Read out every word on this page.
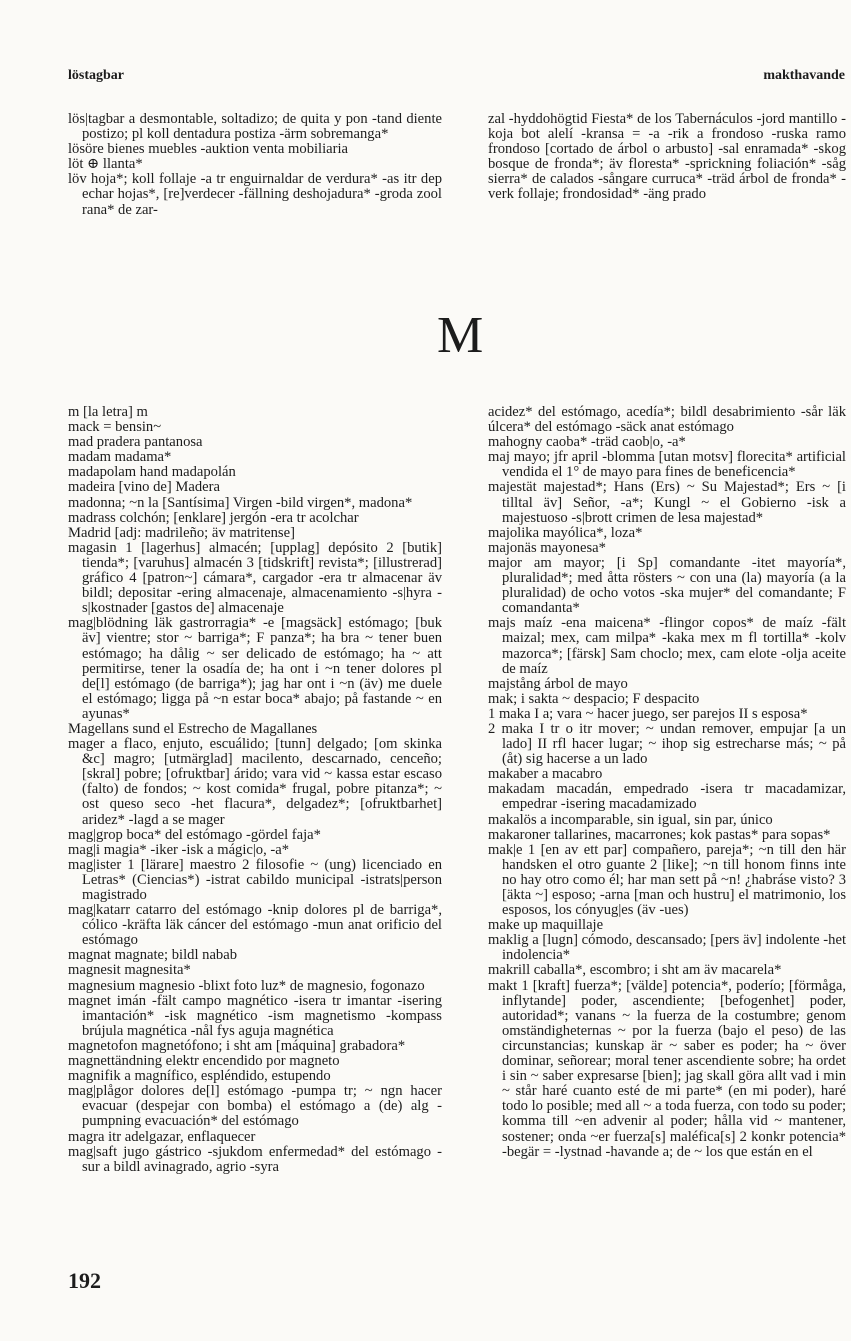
löstagbar	makthavande

lös|tagbar a desmontable, soltadizo; de quita y pon -tand diente postizo; pl koll dentadura postiza -ärm sobremanga*

lösöre bienes muebles -auktion venta mobiliaria

löt ⊕ llanta*

löv hoja*; koll follaje -a tr enguirnaldar de verdura* -as itr dep echar hojas*, [re]verdecer -fällning deshojadura* -groda zool rana* de zar-

zal -hyddohögtid Fiesta* de los Tabernáculos -jord mantillo -koja bot alelí -kransa = -a -rik a frondoso -ruska ramo frondoso [cortado de árbol o arbusto] -sal enramada* -skog bosque de fronda*; äv floresta* -sprickning foliación* -såg sierra* de calados -sångare curruca* -träd árbol de fronda* -verk follaje; frondosidad* -äng prado

M

m [la letra] m

mack = bensin~

mad pradera pantanosa

madam madama*

madapolam hand madapolán

madeira [vino de] Madera

madonna; ~n la [Santísima] Virgen -bild virgen*, madona*

madrass colchón; [enklare] jergón -era tr acolchar

Madrid [adj: madrileño; äv matritense]

magasin 1 [lagerhus] almacén; [upplag] depósito 2 [butik] tienda*; [varuhus] almacén 3 [tidskrift] revista*; [illustrerad] gráfico 4 [patron~] cámara*, cargador -era tr almacenar äv bildl; depositar -ering almacenaje, almacenamiento -s|hyra -s|kostnader [gastos de] almacenaje

mag|blödning läk gastrorragia* -e [magsäck] estómago; [buk äv] vientre; stor ~ barriga*; F panza*; ha bra ~ tener buen estómago; ha dålig ~ ser delicado de estómago; ha ~ att permitirse, tener la osadía de; ha ont i ~n tener dolores pl de[l] estómago (de barriga*); jag har ont i ~n (äv) me duele el estómago; ligga på ~n estar boca* abajo; på fastande ~ en ayunas*

Magellans sund el Estrecho de Magallanes

mager a flaco, enjuto, escuálido; [tunn] delgado; [om skinka &c] magro; [utmärglad] macilento, descarnado, cenceño; [skral] pobre; [ofruktbar] árido; vara vid ~ kassa estar escaso (falto) de fondos; ~ kost comida* frugal, pobre pitanza*; ~ ost queso seco -het flacura*, delgadez*; [ofruktbarhet] aridez* -lagd a se mager

mag|grop boca* del estómago -gördel faja*

mag|i magia* -iker -isk a mágic|o, -a*

mag|ister 1 [lärare] maestro 2 filosofie ~ (ung) licenciado en Letras* (Ciencias*) -istrat cabildo municipal -istrats|person magistrado

mag|katarr catarro del estómago -knip dolores pl de barriga*, cólico -kräfta läk cáncer del estómago -mun anat orificio del estómago

magnat magnate; bildl nabab

magnesit magnesita*

magnesium magnesio -blixt foto luz* de magnesio, fogonazo

magnet imán -fält campo magnético -isera tr imantar -isering imantación* -isk magnético -ism magnetismo -kompass brújula magnética -nål fys aguja magnética

magnetofon magnetófono; i sht am [máquina] grabadora*

magnettändning elektr encendido por magneto

magnifik a magnífico, espléndido, estupendo

mag|plågor dolores de[l] estómago -pumpa tr; ~ ngn hacer evacuar (despejar con bomba) el estómago a (de) alg -pumpning evacuación* del estómago

magra itr adelgazar, enflaquecer

mag|saft jugo gástrico -sjukdom enfermedad* del estómago -sur a bildl avinagrado, agrio -syra

acidez* del estómago, acedía*; bildl desabrimiento -sår läk úlcera* del estómago -säck anat estómago

mahogny caoba* -träd caob|o, -a*

maj mayo; jfr april -blomma [utan motsv] florecita* artificial vendida el 1° de mayo para fines de beneficencia*

majestät majestad*; Hans (Ers) ~ Su Majestad*; Ers ~ [i tilltal äv] Señor, -a*; Kungl ~ el Gobierno -isk a majestuoso -s|brott crimen de lesa majestad*

majolika mayólica*, loza*

majonäs mayonesa*

major am mayor; [i Sp] comandante -itet mayoría*, pluralidad*; med åtta rösters ~ con una (la) mayoría (a la pluralidad) de ocho votos -ska mujer* del comandante; F comandanta*

majs maíz -ena maicena* -flingor copos* de maíz -fält maizal; mex, cam milpa* -kaka mex m fl tortilla* -kolv mazorca*; [färsk] Sam choclo; mex, cam elote -olja aceite de maíz

majstång árbol de mayo

mak; i sakta ~ despacio; F despacito

1 maka I a; vara ~ hacer juego, ser parejos II s esposa*

2 maka I tr o itr mover; ~ undan remover, empujar [a un lado] II rfl hacer lugar; ~ ihop sig estrecharse más; ~ på (åt) sig hacerse a un lado

makaber a macabro

makadam macadán, empedrado -isera tr macadamizar, empedrar -isering macadamizado

makalös a incomparable, sin igual, sin par, único

makaroner tallarines, macarrones; kok pastas* para sopas*

mak|e 1 [en av ett par] compañero, pareja*; ~n till den här handsken el otro guante 2 [like]; ~n till honom finns inte no hay otro como él; har man sett på ~n! ¿habráse visto? 3 [äkta ~] esposo; -arna [man och hustru] el matrimonio, los esposos, los cónyug|es (äv -ues)

make up maquillaje

maklig a [lugn] cómodo, descansado; [pers äv] indolente -het indolencia*

makrill caballa*, escombro; i sht am äv macarela*

makt 1 [kraft] fuerza*; [välde] potencia*, poderío; [förmåga, inflytande] poder, ascendiente; [befogenhet] poder, autoridad*; vanans ~ la fuerza de la costumbre; genom omständigheternas ~ por la fuerza (bajo el peso) de las circunstancias; kunskap är ~ saber es poder; ha ~ över dominar, señorear; moral tener ascendiente sobre; ha ordet i sin ~ saber expresarse [bien]; jag skall göra allt vad i min ~ står haré cuanto esté de mi parte* (en mi poder), haré todo lo posible; med all ~ a toda fuerza, con todo su poder; komma till ~en advenir al poder; hålla vid ~ mantener, sostener; onda ~er fuerza[s] maléfica[s] 2 konkr potencia* -begär = -lystnad -havande a; de ~ los que están en el

192
